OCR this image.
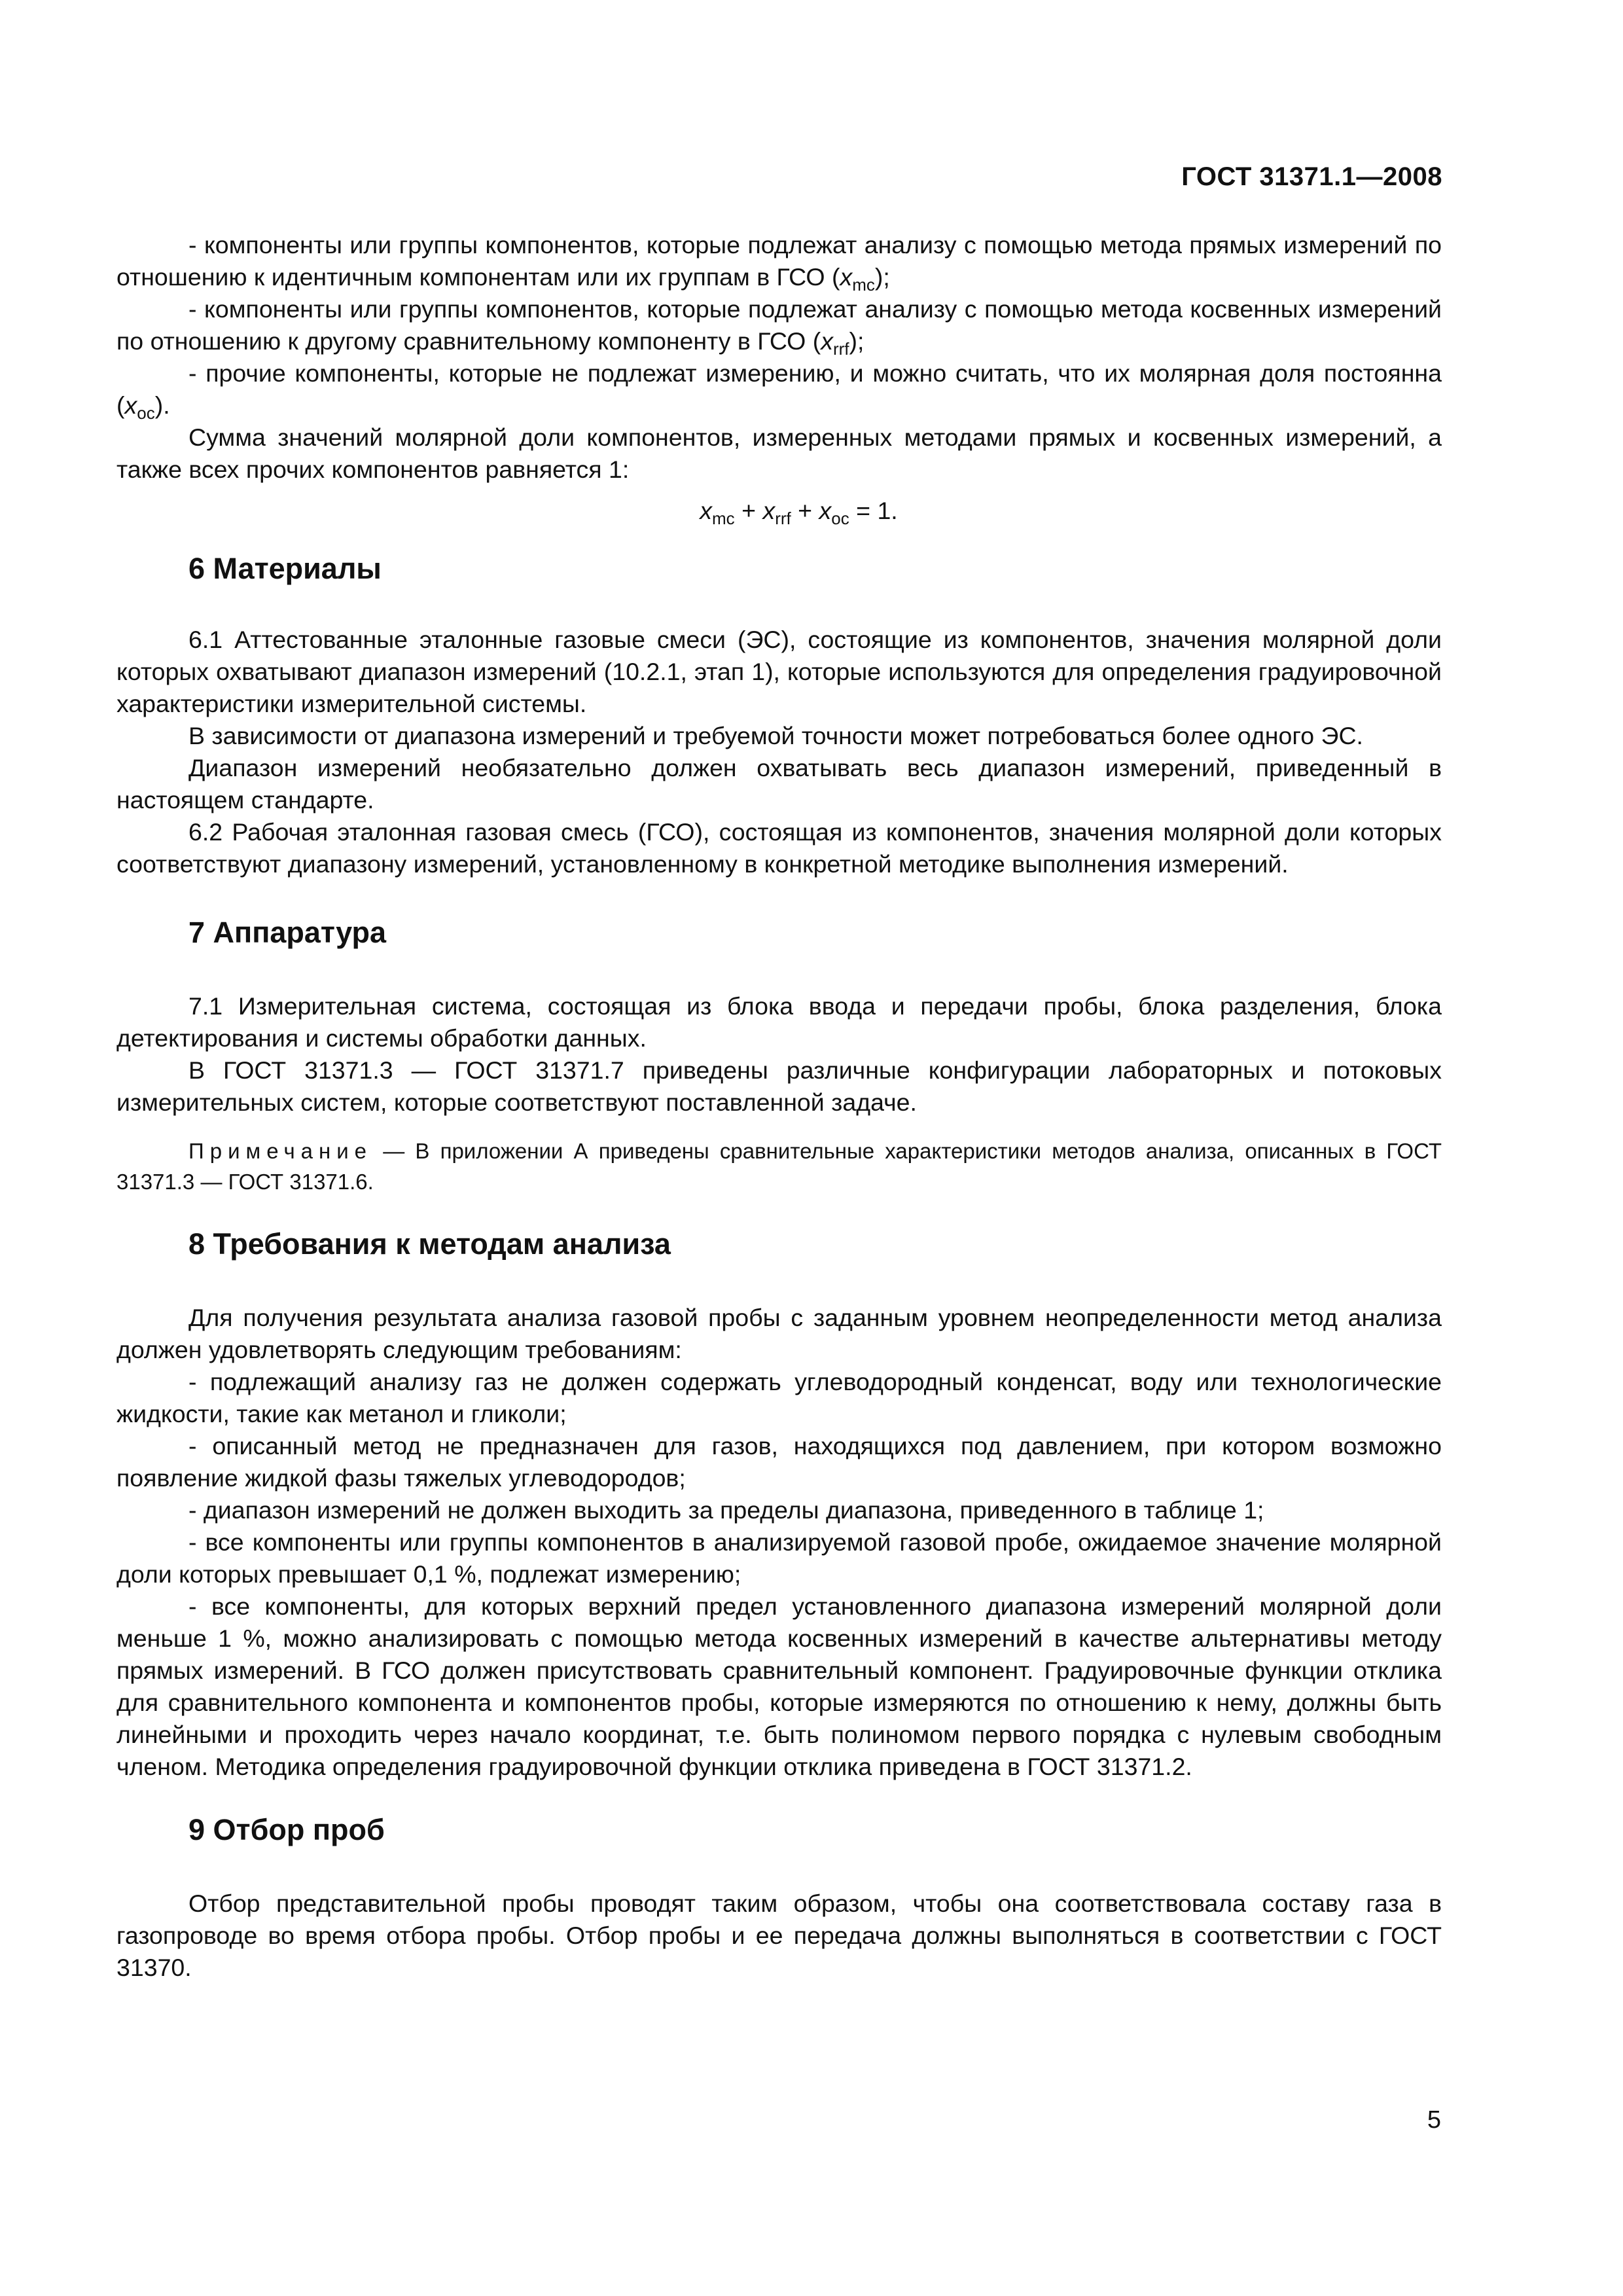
ГОСТ 31371.1—2008

- компоненты или группы компонентов, которые подлежат анализу с помощью метода прямых измерений по отношению к идентичным компонентам или их группам в ГСО $(x_{mc})$;

- компоненты или группы компонентов, которые подлежат анализу с помощью метода косвенных измерений по отношению к другому сравнительному компоненту в ГСО $(x_{rrf})$;

- прочие компоненты, которые не подлежат измерению, и можно считать, что их молярная доля постоянна $(x_{oc})$.

Сумма значений молярной доли компонентов, измеренных методами прямых и косвенных измерений, а также всех прочих компонентов равняется 1:

$x_{mc} + x_{rrf} + x_{oc} = 1$.

6 Материалы

6.1 Аттестованные эталонные газовые смеси (ЭС), состоящие из компонентов, значения молярной доли которых охватывают диапазон измерений (10.2.1, этап 1), которые используются для определения градуировочной характеристики измерительной системы.

В зависимости от диапазона измерений и требуемой точности может потребоваться более одного ЭС.

Диапазон измерений необязательно должен охватывать весь диапазон измерений, приведенный в настоящем стандарте.

6.2 Рабочая эталонная газовая смесь (ГСО), состоящая из компонентов, значения молярной доли которых соответствуют диапазону измерений, установленному в конкретной методике выполнения измерений.

7 Аппаратура

7.1 Измерительная система, состоящая из блока ввода и передачи пробы, блока разделения, блока детектирования и системы обработки данных.

В ГОСТ 31371.3 — ГОСТ 31371.7 приведены различные конфигурации лабораторных и потоковых измерительных систем, которые соответствуют поставленной задаче.

Примечание — В приложении А приведены сравнительные характеристики методов анализа, описанных в ГОСТ 31371.3 — ГОСТ 31371.6.

8 Требования к методам анализа

Для получения результата анализа газовой пробы с заданным уровнем неопределенности метод анализа должен удовлетворять следующим требованиям:

- подлежащий анализу газ не должен содержать углеводородный конденсат, воду или технологические жидкости, такие как метанол и гликоли;

- описанный метод не предназначен для газов, находящихся под давлением, при котором возможно появление жидкой фазы тяжелых углеводородов;

- диапазон измерений не должен выходить за пределы диапазона, приведенного в таблице 1;

- все компоненты или группы компонентов в анализируемой газовой пробе, ожидаемое значение молярной доли которых превышает 0,1 %, подлежат измерению;

- все компоненты, для которых верхний предел установленного диапазона измерений молярной доли меньше 1 %, можно анализировать с помощью метода косвенных измерений в качестве альтернативы методу прямых измерений. В ГСО должен присутствовать сравнительный компонент. Градуировочные функции отклика для сравнительного компонента и компонентов пробы, которые измеряются по отношению к нему, должны быть линейными и проходить через начало координат, т.е. быть полиномом первого порядка с нулевым свободным членом. Методика определения градуировочной функции отклика приведена в ГОСТ 31371.2.

9 Отбор проб

Отбор представительной пробы проводят таким образом, чтобы она соответствовала составу газа в газопроводе во время отбора пробы. Отбор пробы и ее передача должны выполняться в соответствии с ГОСТ 31370.

5
